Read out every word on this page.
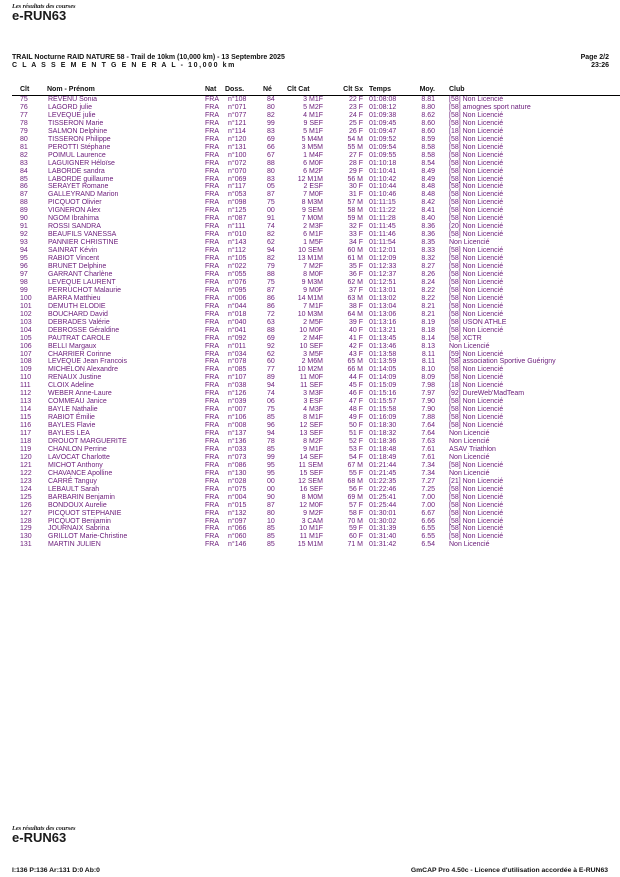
Les résultats des courses
e-RUN63
TRAIL Nocturne RAID NATURE 58 - Trail de 10km (10,000 km) - 13 Septembre 2025
C L A S S E M E N T G E N E R A L - 10,000 km
Page 2/2
23:26
Clt	Nom - Prénom	Nat	Doss.	Né	Clt Cat	Clt Sx	Temps	Moy.	Club
75	REVENU Sonia	FRA	n°108	84	3 M1F	22 F	01:08:08	8.81	[58] Non Licencié
76	LAGORD julie	FRA	n°071	80	5 M2F	23 F	01:08:12	8.80	[58] amognes sport nature
77	LEVEQUE julie	FRA	n°077	82	4 M1F	24 F	01:09:38	8.62	[58] Non Licencié
78	TISSERON Marie	FRA	n°121	99	9 SEF	25 F	01:09:45	8.60	[58] Non Licencié
79	SALMON Delphine	FRA	n°114	83	5 M1F	26 F	01:09:47	8.60	[18] Non Licencié
80	TISSERON Philippe	FRA	n°120	69	5 M4M	54 M	01:09:52	8.59	[58] Non Licencié
81	PEROTTI Stéphane	FRA	n°131	66	3 M5M	55 M	01:09:54	8.58	[58] Non Licencié
82	POIMUL Laurence	FRA	n°100	67	1 M4F	27 F	01:09:55	8.58	[58] Non Licencié
83	LAGUIGNER Héloïse	FRA	n°072	88	6 M0F	28 F	01:10:18	8.54	[58] Non Licencié
84	LABORDE sandra	FRA	n°070	80	6 M2F	29 F	01:10:41	8.49	[58] Non Licencié
85	LABORDE guillaume	FRA	n°069	83	12 M1M	56 M	01:10:42	8.49	[58] Non Licencié
86	SERAYET Romane	FRA	n°117	05	2 ESF	30 F	01:10:44	8.48	[58] Non Licencié
87	GALLEYRAND Marion	FRA	n°053	87	7 M0F	31 F	01:10:46	8.48	[58] Non Licencié
88	PICQUOT Olivier	FRA	n°098	75	8 M3M	57 M	01:11:15	8.42	[58] Non Licencié
89	VIGNERON Alex	FRA	n°125	00	9 SEM	58 M	01:11:22	8.41	[58] Non Licencié
90	NGOM Ibrahima	FRA	n°087	91	7 M0M	59 M	01:11:28	8.40	[58] Non Licencié
91	ROSSI SANDRA	FRA	n°111	74	2 M3F	32 F	01:11:45	8.36	[20] Non Licencié
92	BEAUFILS VANESSA	FRA	n°010	82	6 M1F	33 F	01:11:46	8.36	[58] Non Licencié
93	PANNIER CHRISTINE	FRA	n°143	62	1 M5F	34 F	01:11:54	8.35	Non Licencié
94	SAINRAT Kévin	FRA	n°112	94	10 SEM	60 M	01:12:01	8.33	[58] Non Licencié
95	RABIOT Vincent	FRA	n°105	82	13 M1M	61 M	01:12:09	8.32	[58] Non Licencié
96	BRUNET Delphine	FRA	n°022	79	7 M2F	35 F	01:12:33	8.27	[58] Non Licencié
97	GARRANT Charlène	FRA	n°055	88	8 M0F	36 F	01:12:37	8.26	[58] Non Licencié
98	LEVEQUE LAURENT	FRA	n°076	75	9 M3M	62 M	01:12:51	8.24	[58] Non Licencié
99	PERRUCHOT Malaurie	FRA	n°095	87	9 M0F	37 F	01:13:01	8.22	[58] Non Licencié
100	BARRA Matthieu	FRA	n°006	86	14 M1M	63 M	01:13:02	8.22	[58] Non Licencié
101	DEMUTH ELODIE	FRA	n°044	86	7 M1F	38 F	01:13:04	8.21	[58] Non Licencié
102	BOUCHARD David	FRA	n°018	72	10 M3M	64 M	01:13:06	8.21	[58] Non Licencié
103	DEBRADES Valérie	FRA	n°040	63	2 M5F	39 F	01:13:16	8.19	[58] USON ATHLE
104	DEBROSSE Géraldine	FRA	n°041	88	10 M0F	40 F	01:13:21	8.18	[58] Non Licencié
105	PAUTRAT CAROLE	FRA	n°092	69	2 M4F	41 F	01:13:45	8.14	[58] XCTR
106	BELLI Margaux	FRA	n°011	92	10 SEF	42 F	01:13:46	8.13	Non Licencié
107	CHARRIER Corinne	FRA	n°034	62	3 M5F	43 F	01:13:58	8.11	[59] Non Licencié
108	LEVEQUE Jean Francois	FRA	n°078	60	2 M6M	65 M	01:13:59	8.11	[58] association Sportive Guérigny
109	MICHELON Alexandre	FRA	n°085	77	10 M2M	66 M	01:14:05	8.10	[58] Non Licencié
110	RENAUX Justine	FRA	n°107	89	11 M0F	44 F	01:14:09	8.09	[58] Non Licencié
111	CLOIX Adeline	FRA	n°038	94	11 SEF	45 F	01:15:09	7.98	[18] Non Licencié
112	WEBER Anne-Laure	FRA	n°126	74	3 M3F	46 F	01:15:16	7.97	[92] DureWeb'MadTeam
113	COMMEAU Janice	FRA	n°039	06	3 ESF	47 F	01:15:57	7.90	[58] Non Licencié
114	BAYLE Nathalie	FRA	n°007	75	4 M3F	48 F	01:15:58	7.90	[58] Non Licencié
115	RABIOT Émilie	FRA	n°106	85	8 M1F	49 F	01:16:09	7.88	[58] Non Licencié
116	BAYLES Flavie	FRA	n°008	96	12 SEF	50 F	01:18:30	7.64	[58] Non Licencié
117	BAYLES LEA	FRA	n°137	94	13 SEF	51 F	01:18:32	7.64	Non Licencié
118	DROUOT MARGUERITE	FRA	n°136	78	8 M2F	52 F	01:18:36	7.63	Non Licencié
119	CHANLON Perrine	FRA	n°033	85	9 M1F	53 F	01:18:48	7.61	ASAV Triathlon
120	LAVOCAT Charlotte	FRA	n°073	99	14 SEF	54 F	01:18:49	7.61	Non Licencié
121	MICHOT Anthony	FRA	n°086	95	11 SEM	67 M	01:21:44	7.34	[58] Non Licencié
122	CHAVANCE Apolline	FRA	n°130	95	15 SEF	55 F	01:21:45	7.34	Non Licencié
123	CARRÉ Tanguy	FRA	n°028	00	12 SEM	68 M	01:22:35	7.27	[21] Non Licencié
124	LEBAULT Sarah	FRA	n°075	00	16 SEF	56 F	01:22:46	7.25	[58] Non Licencié
125	BARBARIN Benjamin	FRA	n°004	90	8 M0M	69 M	01:25:41	7.00	[58] Non Licencié
126	BONDOUX Aurelie	FRA	n°015	87	12 M0F	57 F	01:25:44	7.00	[58] Non Licencié
127	PICQUOT STEPHANIE	FRA	n°132	80	9 M2F	58 F	01:30:01	6.67	[58] Non Licencié
128	PICQUOT Benjamin	FRA	n°097	10	3 CAM	70 M	01:30:02	6.66	[58] Non Licencié
129	JOURNAIX Sabrina	FRA	n°066	85	10 M1F	59 F	01:31:39	6.55	[58] Non Licencié
130	GRILLOT Marie-Christine	FRA	n°060	85	11 M1F	60 F	01:31:40	6.55	[58] Non Licencié
131	MARTIN JULIEN	FRA	n°146	85	15 M1M	71 M	01:31:42	6.54	Non Licencié
Les résultats des courses
e-RUN63
I:136 P:136 Ar:131 D:0 Ab:0	GmCAP Pro 4.50c - Licence d'utilisation accordée à E-RUN63
